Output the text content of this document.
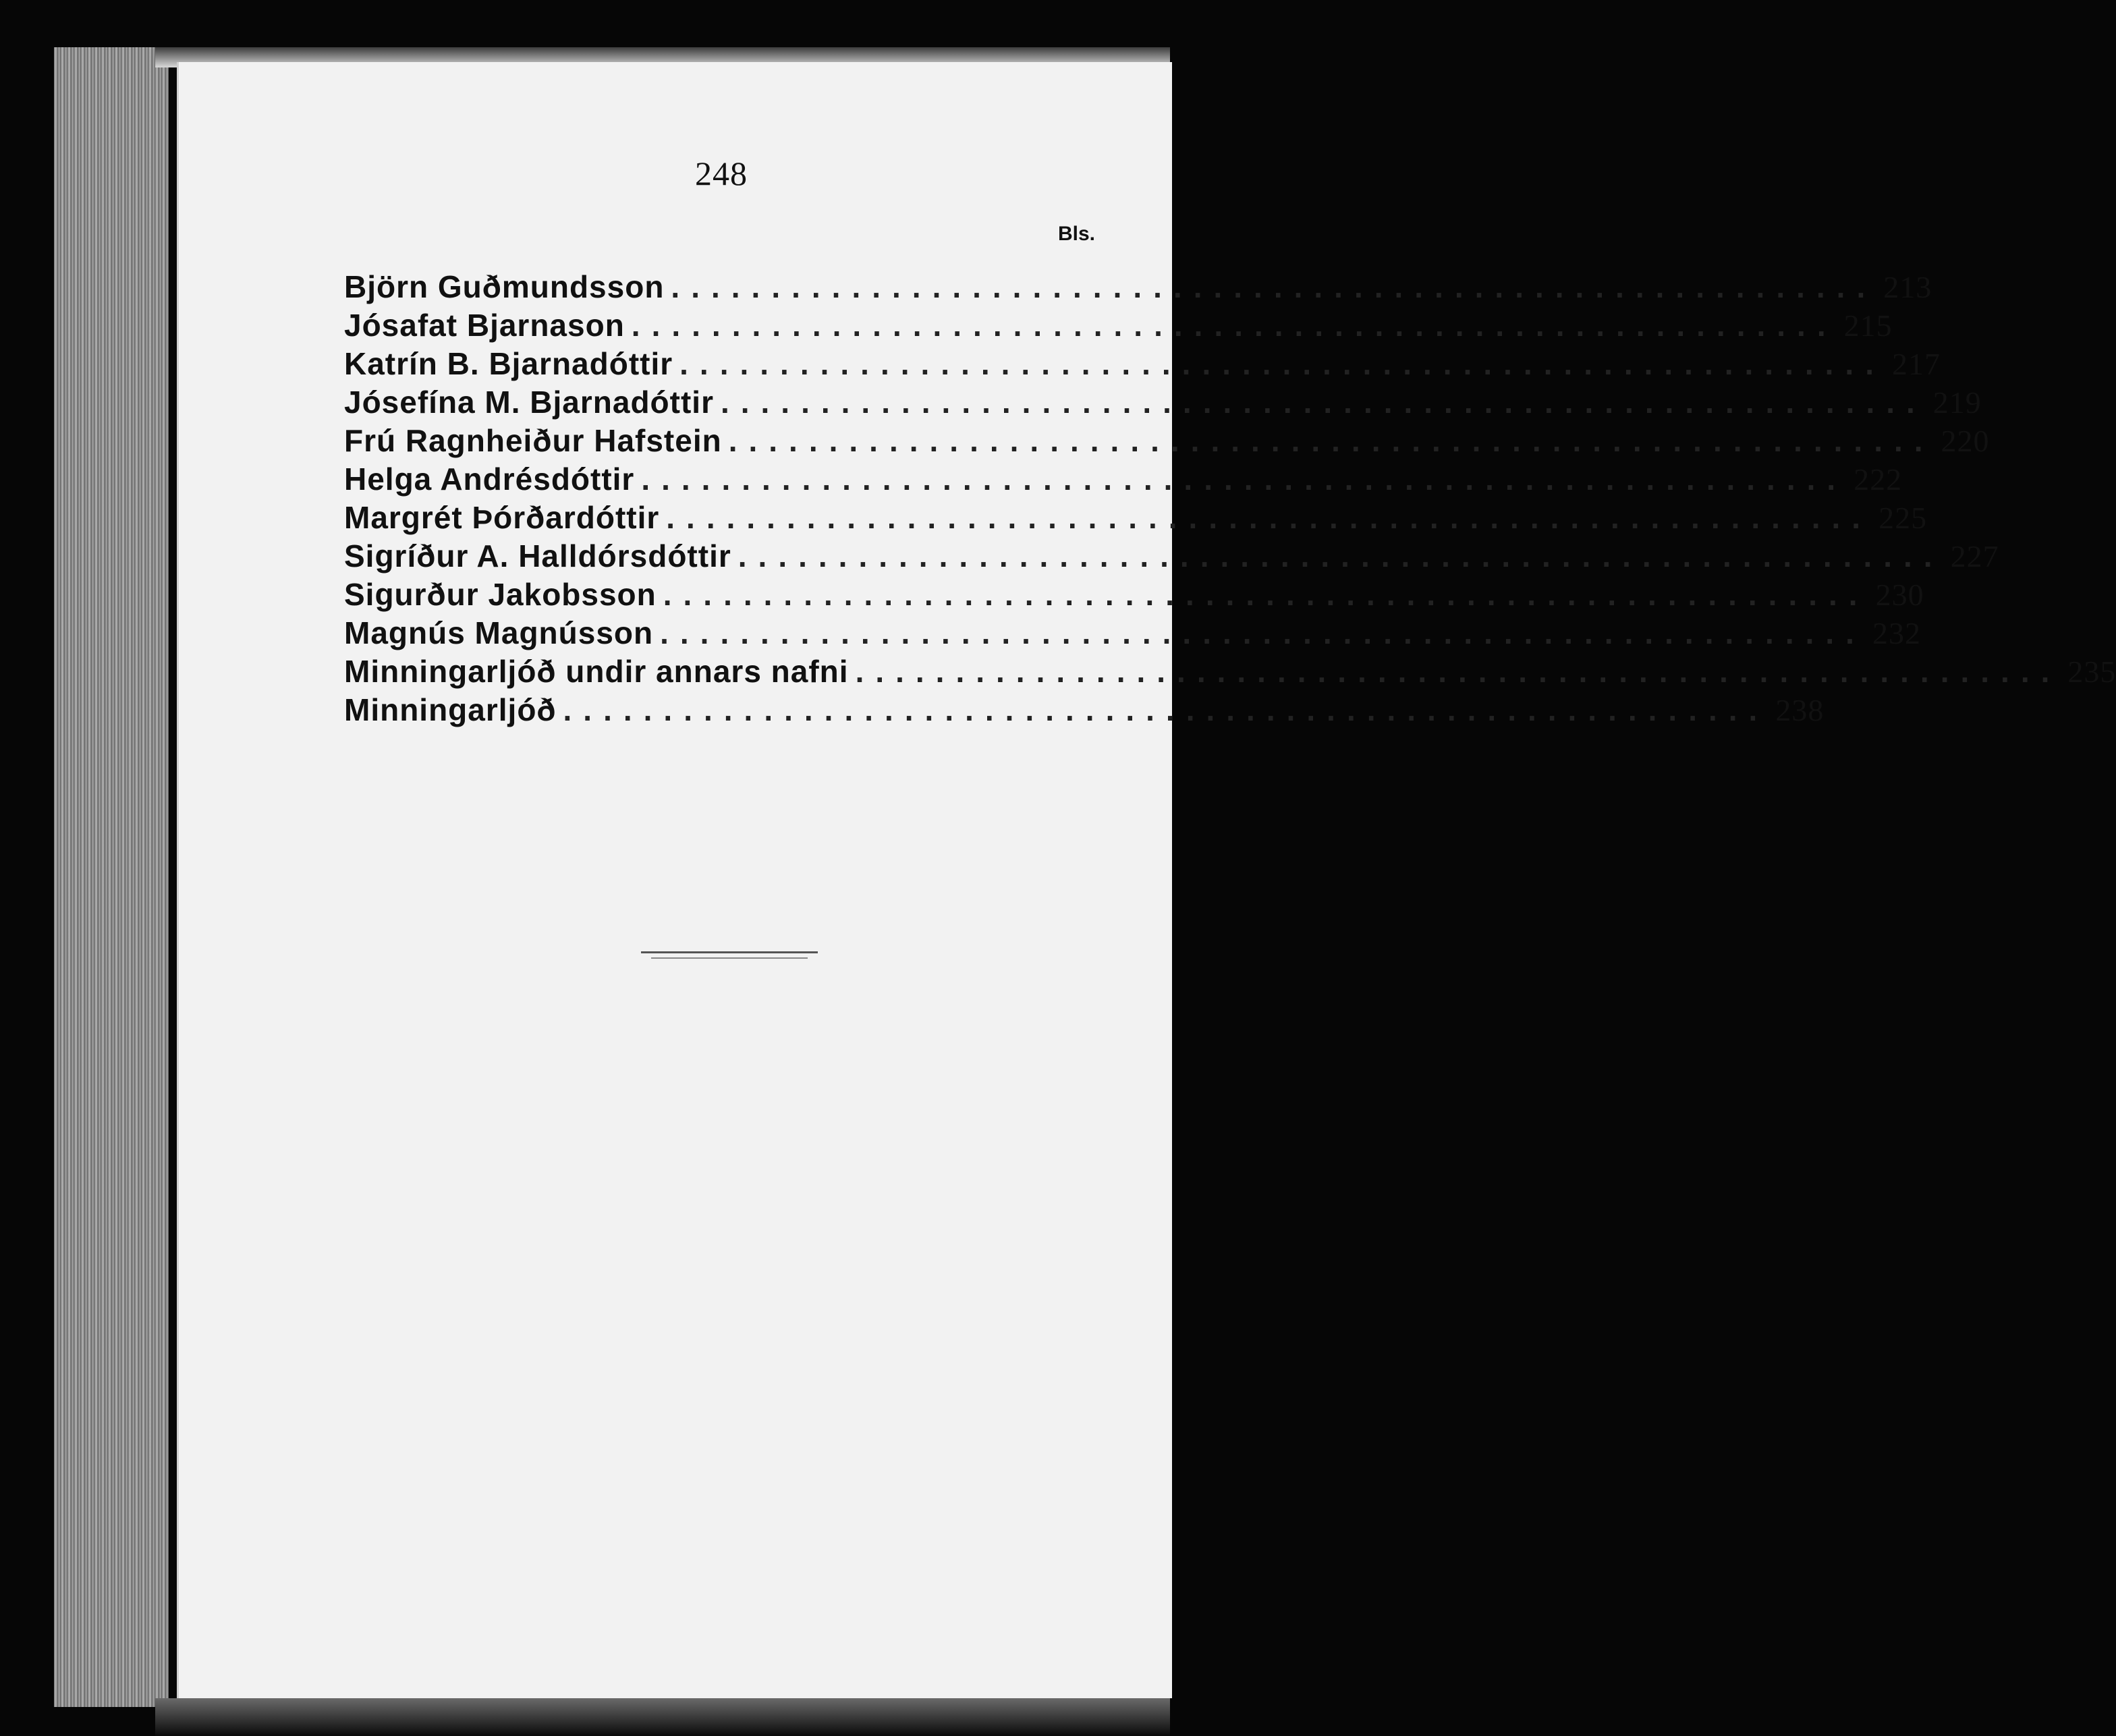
248
Bls.
Björn Guðmundsson ............................................................ 213
Jósafat Bjarnason ............................................................ 215
Katrín B. Bjarnadóttir ............................................................ 217
Jósefína M. Bjarnadóttir ............................................................ 219
Frú Ragnheiður Hafstein ............................................................ 220
Helga Andrésdóttir ............................................................ 222
Margrét Þórðardóttir ............................................................ 225
Sigríður A. Halldórsdóttir ............................................................ 227
Sigurður Jakobsson ............................................................ 230
Magnús Magnússon ............................................................ 232
Minningarljóð undir annars nafni ............................................................ 235
Minningarljóð ............................................................ 238
